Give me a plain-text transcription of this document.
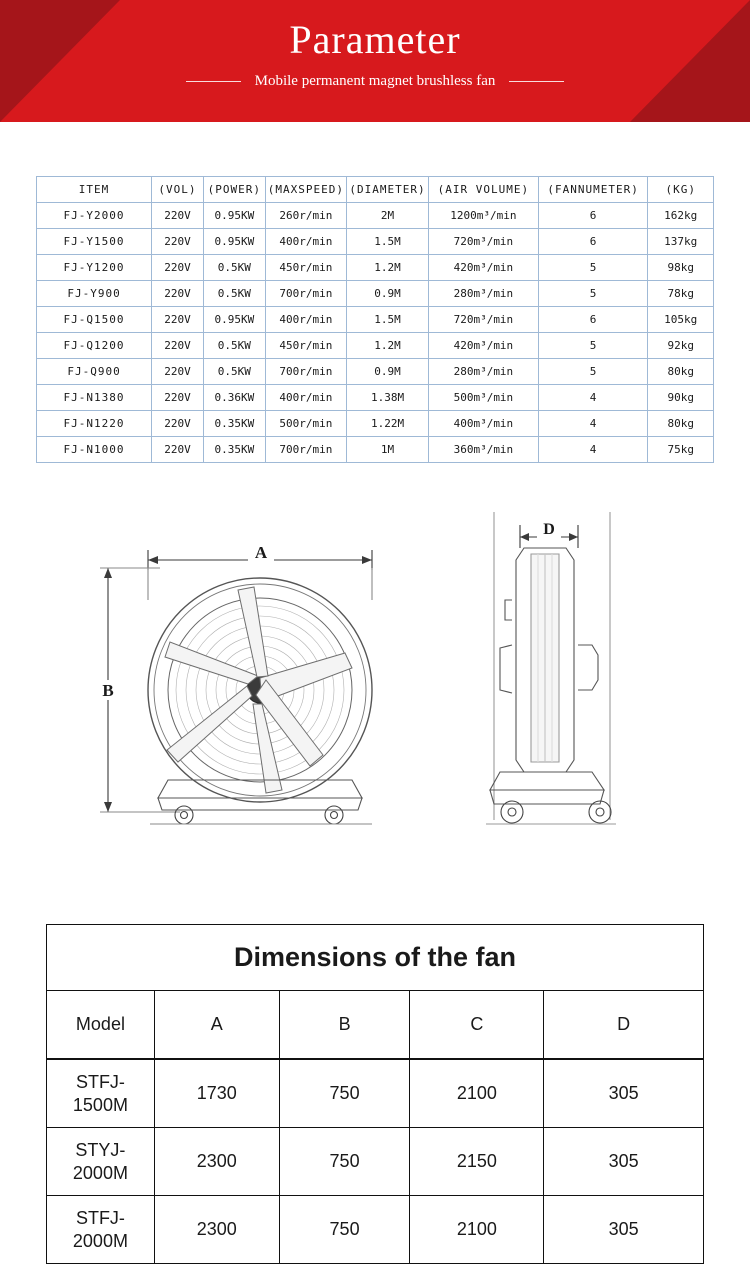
Parameter
Mobile permanent magnet brushless fan
ITEM	(VOL)	(POWER)	(MAXSPEED)	(DIAMETER)	(AIR VOLUME)	(FANNUMETER)	(KG)
FJ-Y2000	220V	0.95KW	260r/min	2M	1200m³/min	6	162kg
FJ-Y1500	220V	0.95KW	400r/min	1.5M	720m³/min	6	137kg
FJ-Y1200	220V	0.5KW	450r/min	1.2M	420m³/min	5	98kg
FJ-Y900	220V	0.5KW	700r/min	0.9M	280m³/min	5	78kg
FJ-Q1500	220V	0.95KW	400r/min	1.5M	720m³/min	6	105kg
FJ-Q1200	220V	0.5KW	450r/min	1.2M	420m³/min	5	92kg
FJ-Q900	220V	0.5KW	700r/min	0.9M	280m³/min	5	80kg
FJ-N1380	220V	0.36KW	400r/min	1.38M	500m³/min	4	90kg
FJ-N1220	220V	0.35KW	500r/min	1.22M	400m³/min	4	80kg
FJ-N1000	220V	0.35KW	700r/min	1M	360m³/min	4	75kg
A
B
D
Dimensions of the fan
Model	A	B	C	D
STFJ-
1500M	1730	750	2100	305
STYJ-
2000M	2300	750	2150	305
STFJ-
2000M	2300	750	2100	305
